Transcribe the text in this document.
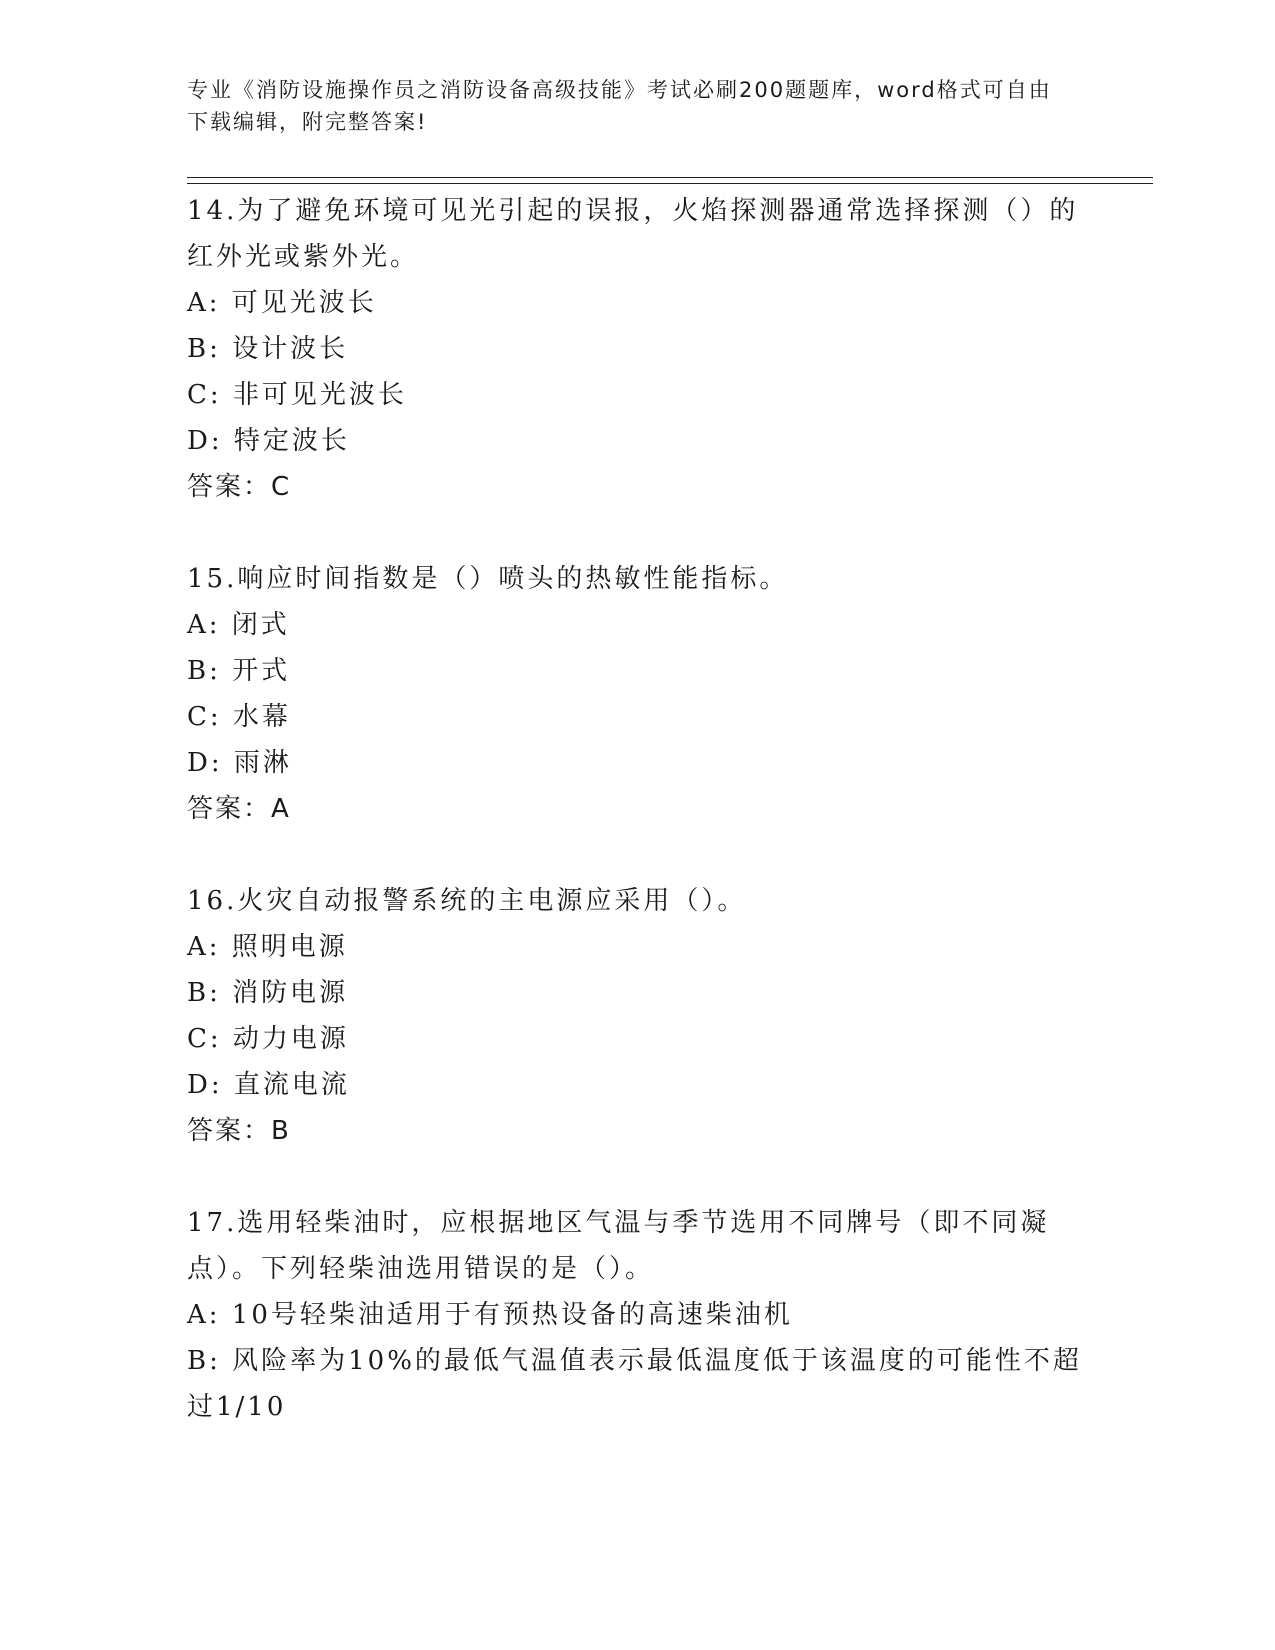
专业《消防设施操作员之消防设备高级技能》考试必刷200题题库，word格式可自由下载编辑，附完整答案!

14.为了避免环境可见光引起的误报，火焰探测器通常选择探测（）的红外光或紫外光。

A: 可见光波长

B: 设计波长

C: 非可见光波长

D: 特定波长

答案：C

15.响应时间指数是（）喷头的热敏性能指标。

A: 闭式

B: 开式

C: 水幕

D: 雨淋

答案：A

16.火灾自动报警系统的主电源应采用（）。

A: 照明电源

B: 消防电源

C: 动力电源

D: 直流电流

答案：B

17.选用轻柴油时，应根据地区气温与季节选用不同牌号（即不同凝点）。下列轻柴油选用错误的是（）。

A: 10号轻柴油适用于有预热设备的高速柴油机

B: 风险率为10%的最低气温值表示最低温度低于该温度的可能性不超过1/10
